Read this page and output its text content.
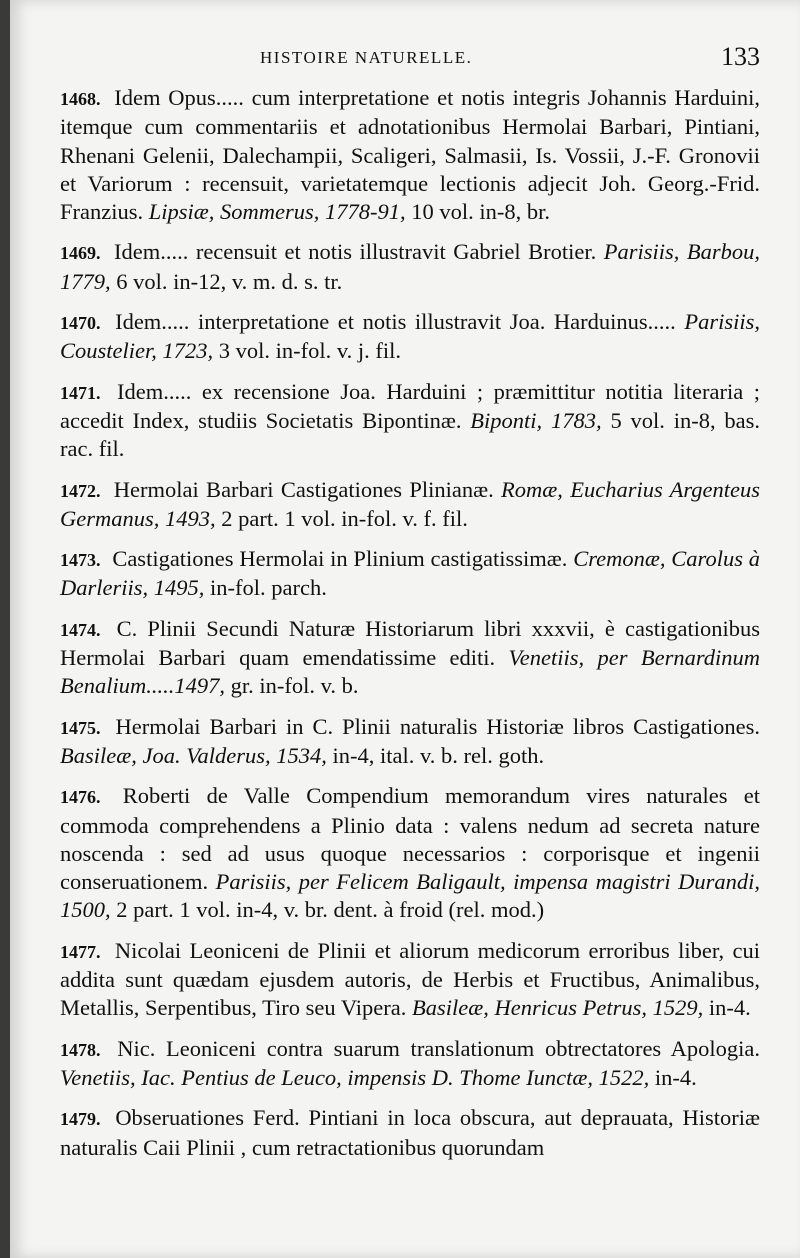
HISTOIRE NATURELLE.	133

1468. Idem Opus..... cum interpretatione et notis integris Johannis Harduini, itemque cum commentariis et adnotationibus Hermolai Barbari, Pintiani, Rhenani Gelenii, Dalechampii, Scaligeri, Salmasii, Is. Vossii, J.-F. Gronovii et Variorum : recensuit, varietatemque lectionis adjecit Joh. Georg.-Frid. Franzius. Lipsiæ, Sommerus, 1778-91, 10 vol. in-8, br.

1469. Idem..... recensuit et notis illustravit Gabriel Brotier. Parisiis, Barbou, 1779, 6 vol. in-12, v. m. d. s. tr.

1470. Idem..... interpretatione et notis illustravit Joa. Harduinus..... Parisiis, Coustelier, 1723, 3 vol. in-fol. v. j. fil.

1471. Idem..... ex recensione Joa. Harduini ; præmittitur notitia literaria ; accedit Index, studiis Societatis Bipontinæ. Biponti, 1783, 5 vol. in-8, bas. rac. fil.

1472. Hermolai Barbari Castigationes Plinianæ. Romæ, Eucharius Argenteus Germanus, 1493, 2 part. 1 vol. in-fol. v. f. fil.

1473. Castigationes Hermolai in Plinium castigatissimæ. Cremonæ, Carolus à Darleriis, 1495, in-fol. parch.

1474. C. Plinii Secundi Naturæ Historiarum libri xxxvii, è castigationibus Hermolai Barbari quam emendatissime editi. Venetiis, per Bernardinum Benalium.....1497, gr. in-fol. v. b.

1475. Hermolai Barbari in C. Plinii naturalis Historiæ libros Castigationes. Basileæ, Joa. Valderus, 1534, in-4, ital. v. b. rel. goth.

1476. Roberti de Valle Compendium memorandum vires naturales et commoda comprehendens a Plinio data : valens nedum ad secreta nature noscenda : sed ad usus quoque necessarios : corporisque et ingenii conseruationem. Parisiis, per Felicem Baligault, impensa magistri Durandi, 1500, 2 part. 1 vol. in-4, v. br. dent. à froid (rel. mod.)

1477. Nicolai Leoniceni de Plinii et aliorum medicorum erroribus liber, cui addita sunt quædam ejusdem autoris, de Herbis et Fructibus, Animalibus, Metallis, Serpentibus, Tiro seu Vipera. Basileæ, Henricus Petrus, 1529, in-4.

1478. Nic. Leoniceni contra suarum translationum obtrectatores Apologia. Venetiis, Iac. Pentius de Leuco, impensis D. Thome Iunctæ, 1522, in-4.

1479. Obseruationes Ferd. Pintiani in loca obscura, aut deprauata, Historiæ naturalis Caii Plinii , cum retractationibus quorundam
